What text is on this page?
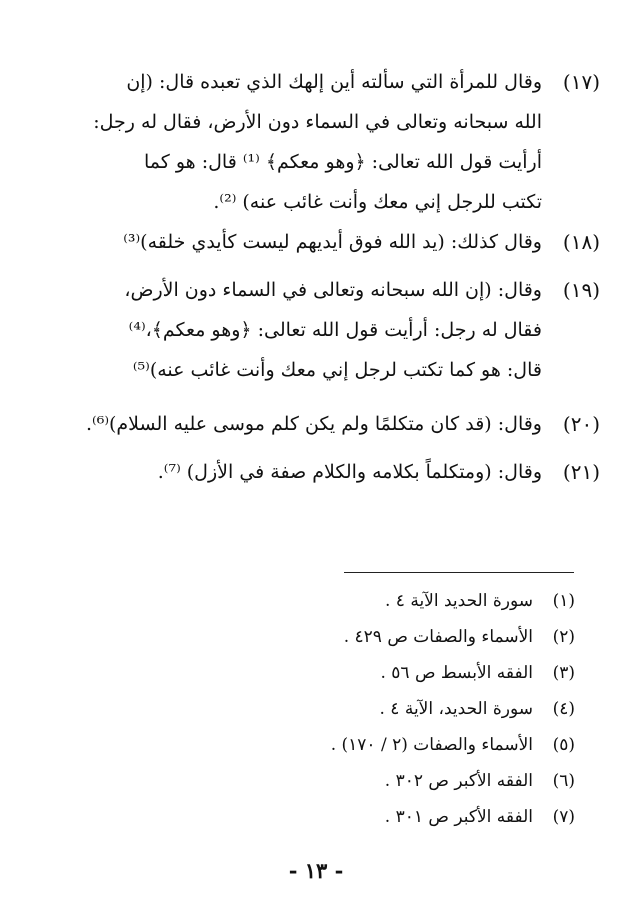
(١٧)
وقال للمرأة التي سألته أين إلهك الذي تعبده قال: (إن
الله سبحانه وتعالى في السماء دون الأرض، فقال له رجل:
أرأيت قول الله تعالى: ﴿وهو معكم﴾ ⁽¹⁾ قال: هو كما
تكتب للرجل إني معك وأنت غائب عنه) ⁽²⁾.
(١٨)
وقال كذلك: (يد الله فوق أيديهم ليست كأيدي خلقه)⁽³⁾
(١٩)
وقال: (إن الله سبحانه وتعالى في السماء دون الأرض،
فقال له رجل: أرأيت قول الله تعالى: ﴿وهو معكم﴾،⁽⁴⁾
قال: هو كما تكتب لرجل إني معك وأنت غائب عنه)⁽⁵⁾
(٢٠)
وقال: (قد كان متكلمًا ولم يكن كلم موسى عليه السلام)⁽⁶⁾.
(٢١)
وقال: (ومتكلماً بكلامه والكلام صفة في الأزل) ⁽⁷⁾.
(١)
سورة الحديد الآية ٤ .
(٢)
الأسماء والصفات ص ٤٢٩ .
(٣)
الفقه الأبسط ص ٥٦ .
(٤)
سورة الحديد، الآية ٤ .
(٥)
الأسماء والصفات (٢ / ١٧٠) .
(٦)
الفقه الأكبر ص ٣٠٢ .
(٧)
الفقه الأكبر ص ٣٠١ .
- ١٣ -
